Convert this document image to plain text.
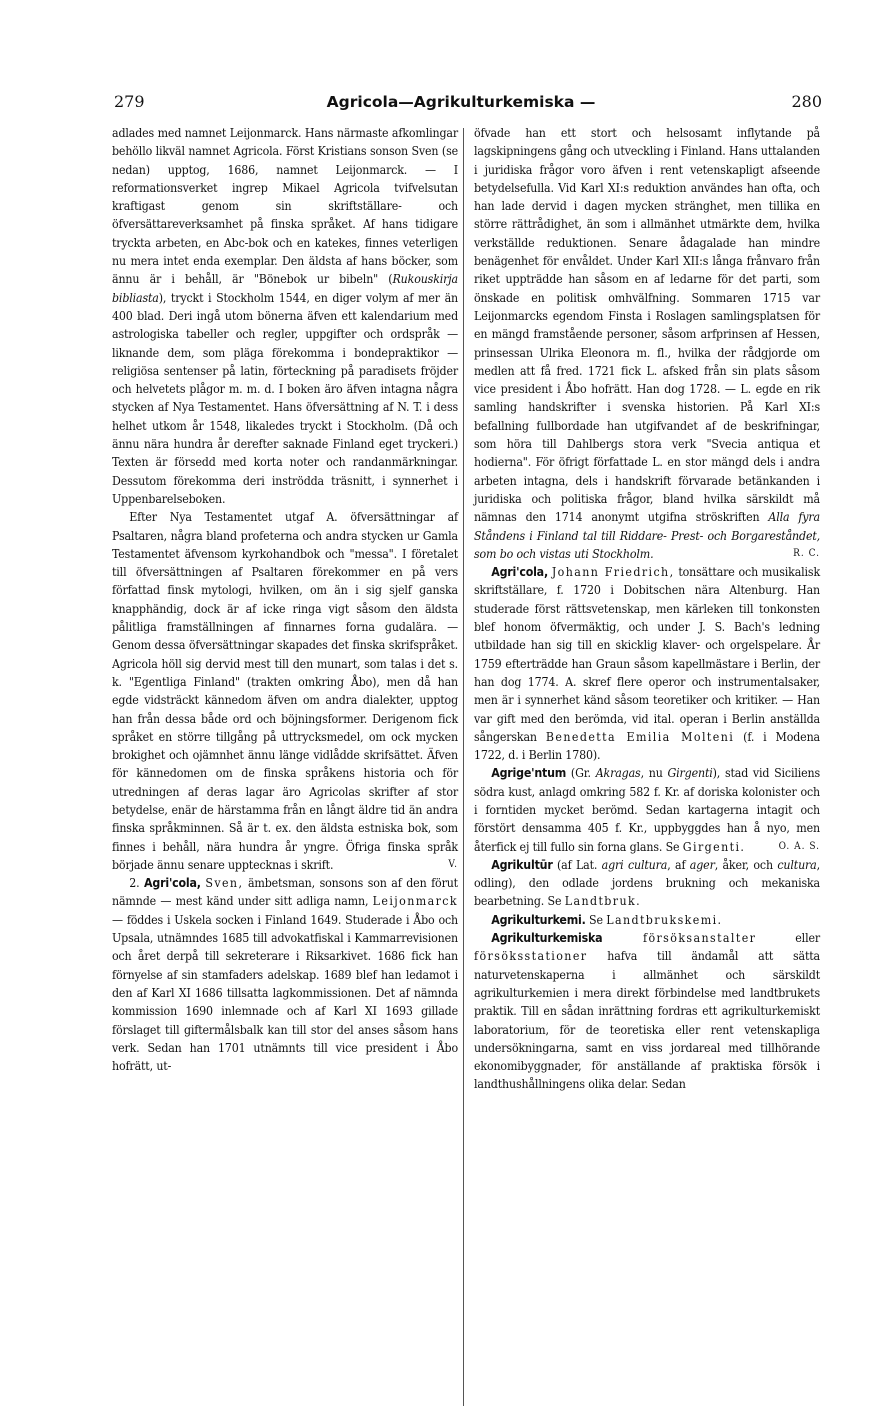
279	Agricola—Agrikulturkemiska —	280

adlades med namnet Leijonmarck. Hans närmaste afkomlingar behöllo likväl namnet Agricola. Först Kristians sonson Sven (se nedan) upptog, 1686, namnet Leijonmarck. — I reformationsverket ingrep Mikael Agricola tvifvelsutan kraftigast genom sin skriftställare- och öfversättareverksamhet på finska språket. Af hans tidigare tryckta arbeten, en Abc-bok och en katekes, finnes veterligen nu mera intet enda exemplar. Den äldsta af hans böcker, som ännu är i behåll, är "Bönebok ur bibeln" (Rukouskirja bibliasta), tryckt i Stockholm 1544, en diger volym af mer än 400 blad. Deri ingå utom bönerna äfven ett kalendarium med astrologiska tabeller och regler, uppgifter och ordspråk — liknande dem, som pläga förekomma i bondepraktikor — religiösa sentenser på latin, förteckning på paradisets fröjder och helvetets plågor m. m. d. I boken äro äfven intagna några stycken af Nya Testamentet. Hans öfversättning af N. T. i dess helhet utkom år 1548, likaledes tryckt i Stockholm. (Då och ännu nära hundra år derefter saknade Finland eget tryckeri.) Texten är försedd med korta noter och randanmärkningar. Dessutom förekomma deri inströdda träsnitt, i synnerhet i Uppenbarelseboken.

Efter Nya Testamentet utgaf A. öfversättningar af Psaltaren, några bland profeterna och andra stycken ur Gamla Testamentet äfvensom kyrkohandbok och "messa". I företalet till öfversättningen af Psaltaren förekommer en på vers författad finsk mytologi, hvilken, om än i sig sjelf ganska knapphändig, dock är af icke ringa vigt såsom den äldsta pålitliga framställningen af finnarnes forna gudalära. — Genom dessa öfversättningar skapades det finska skrifspråket. Agricola höll sig dervid mest till den munart, som talas i det s. k. "Egentliga Finland" (trakten omkring Åbo), men då han egde vidsträckt kännedom äfven om andra dialekter, upptog han från dessa både ord och böjningsformer. Derigenom fick språket en större tillgång på uttrycksmedel, om ock mycken brokighet och ojämnhet ännu länge vidlådde skrifsättet. Äfven för kännedomen om de finska språkens historia och för utredningen af deras lagar äro Agricolas skrifter af stor betydelse, enär de härstamma från en långt äldre tid än andra finska språkminnen. Så är t. ex. den äldsta estniska bok, som finnes i behåll, nära hundra år yngre. Öfriga finska språk började ännu senare upptecknas i skrift.	V.

2. Agri'cola, Sven, ämbetsman, sonsons son af den förut nämnde — mest känd under sitt adliga namn, Leijonmarck — föddes i Uskela socken i Finland 1649. Studerade i Åbo och Upsala, utnämndes 1685 till advokatfiskal i Kammarrevisionen och året derpå till sekreterare i Riksarkivet. 1686 fick han förnyelse af sin stamfaders adelskap. 1689 blef han ledamot i den af Karl XI 1686 tillsatta lagkommissionen. Det af nämnda kommission 1690 inlemnade och af Karl XI 1693 gillade förslaget till giftermålsbalk kan till stor del anses såsom hans verk. Sedan han 1701 utnämnts till vice president i Åbo hofrätt, ut-

öfvade han ett stort och helsosamt inflytande på lagskipningens gång och utveckling i Finland. Hans uttalanden i juridiska frågor voro äfven i rent vetenskapligt afseende betydelsefulla. Vid Karl XI:s reduktion användes han ofta, och han lade dervid i dagen mycken stränghet, men tillika en större rättrådighet, än som i allmänhet utmärkte dem, hvilka verkställde reduktionen. Senare ådagalade han mindre benägenhet för envåldet. Under Karl XII:s långa frånvaro från riket uppträdde han såsom en af ledarne för det parti, som önskade en politisk omhvälfning. Sommaren 1715 var Leijonmarcks egendom Finsta i Roslagen samlingsplatsen för en mängd framstående personer, såsom arfprinsen af Hessen, prinsessan Ulrika Eleonora m. fl., hvilka der rådgjorde om medlen att få fred. 1721 fick L. afsked från sin plats såsom vice president i Åbo hofrätt. Han dog 1728. — L. egde en rik samling handskrifter i svenska historien. På Karl XI:s befallning fullbordade han utgifvandet af de beskrifningar, som höra till Dahlbergs stora verk "Svecia antiqua et hodierna". För öfrigt författade L. en stor mängd dels i andra arbeten intagna, dels i handskrift förvarade betänkanden i juridiska och politiska frågor, bland hvilka särskildt må nämnas den 1714 anonymt utgifna ströskriften Alla fyra Ståndens i Finland tal till Riddare- Prest- och Borgareståndet, som bo och vistas uti Stockholm.	R. C.

Agri'cola, Johann Friedrich, tonsättare och musikalisk skriftställare, f. 1720 i Dobitschen nära Altenburg. Han studerade först rättsvetenskap, men kärleken till tonkonsten blef honom öfvermäktig, och under J. S. Bach's ledning utbildade han sig till en skicklig klaver- och orgelspelare. År 1759 efterträdde han Graun såsom kapellmästare i Berlin, der han dog 1774. A. skref flere operor och instrumentalsaker, men är i synnerhet känd såsom teoretiker och kritiker. — Han var gift med den berömda, vid ital. operan i Berlin anställda sångerskan Benedetta Emilia Molteni (f. i Modena 1722, d. i Berlin 1780).

Agrige'ntum (Gr. Akragas, nu Girgenti), stad vid Siciliens södra kust, anlagd omkring 582 f. Kr. af doriska kolonister och i forntiden mycket berömd. Sedan kartagerna intagit och förstört densamma 405 f. Kr., uppbyggdes han å nyo, men återfick ej till fullo sin forna glans. Se Girgenti.	O. A. S.

Agrikultūr (af Lat. agri cultura, af ager, åker, och cultura, odling), den odlade jordens brukning och mekaniska bearbetning. Se Landtbruk.

Agrikulturkemi. Se Landtbrukskemi.

Agrikulturkemiska försöksanstalter eller försöksstationer hafva till ändamål att sätta naturvetenskaperna i allmänhet och särskildt agrikulturkemien i mera direkt förbindelse med landtbrukets praktik. Till en sådan inrättning fordras ett agrikulturkemiskt laboratorium, för de teoretiska eller rent vetenskapliga undersökningarna, samt en viss jordareal med tillhörande ekonomibyggnader, för anställande af praktiska försök i landthushållningens olika delar. Sedan
